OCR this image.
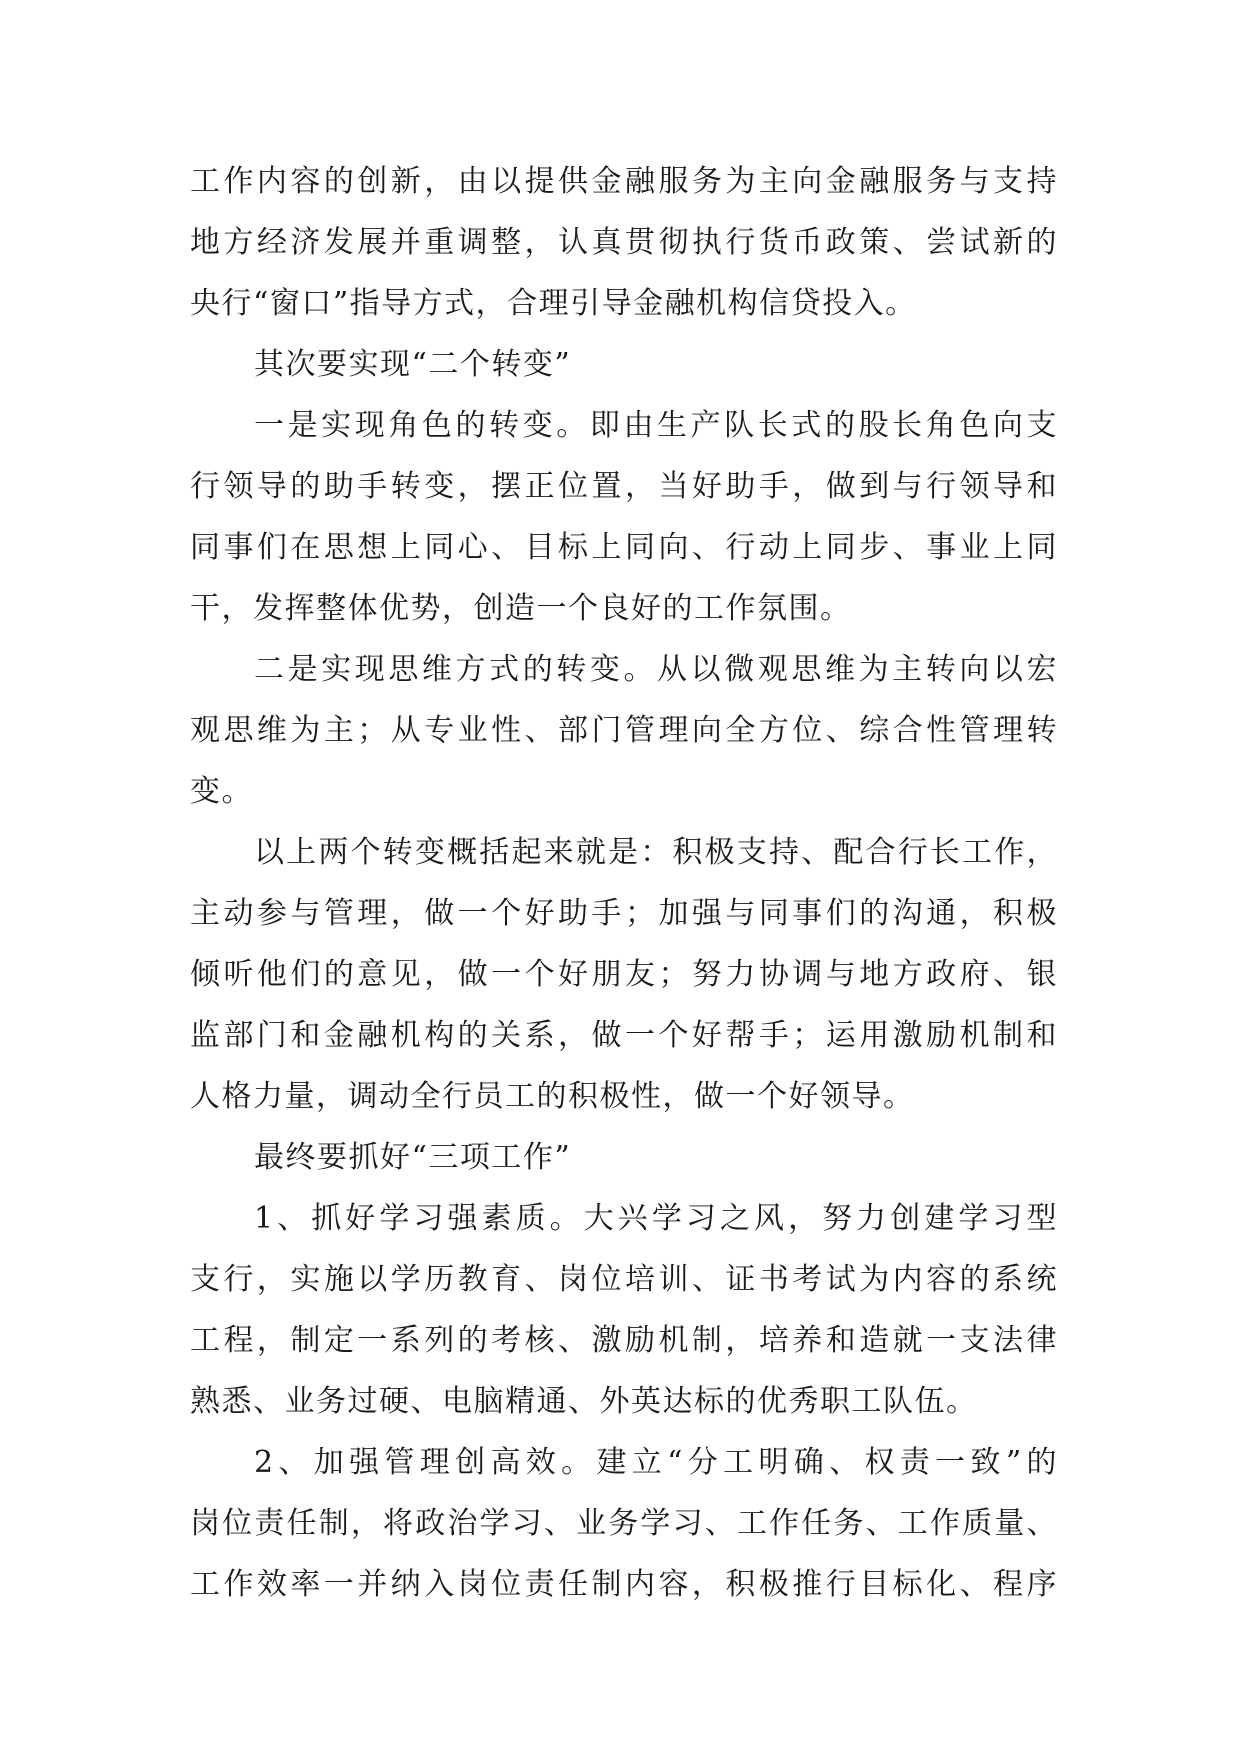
工作内容的创新，由以提供金融服务为主向金融服务与支持
地方经济发展并重调整，认真贯彻执行货币政策、尝试新的
央行“窗口”指导方式，合理引导金融机构信贷投入。
其次要实现“二个转变”
一是实现角色的转变。即由生产队长式的股长角色向支
行领导的助手转变，摆正位置，当好助手，做到与行领导和
同事们在思想上同心、目标上同向、行动上同步、事业上同
干，发挥整体优势，创造一个良好的工作氛围。
二是实现思维方式的转变。从以微观思维为主转向以宏
观思维为主；从专业性、部门管理向全方位、综合性管理转
变。
以上两个转变概括起来就是：积极支持、配合行长工作，
主动参与管理，做一个好助手；加强与同事们的沟通，积极
倾听他们的意见，做一个好朋友；努力协调与地方政府、银
监部门和金融机构的关系，做一个好帮手；运用激励机制和
人格力量，调动全行员工的积极性，做一个好领导。
最终要抓好“三项工作”
1、抓好学习强素质。大兴学习之风，努力创建学习型
支行，实施以学历教育、岗位培训、证书考试为内容的系统
工程，制定一系列的考核、激励机制，培养和造就一支法律
熟悉、业务过硬、电脑精通、外英达标的优秀职工队伍。
2、加强管理创高效。建立“分工明确、权责一致”的
岗位责任制，将政治学习、业务学习、工作任务、工作质量、
工作效率一并纳入岗位责任制内容，积极推行目标化、程序
